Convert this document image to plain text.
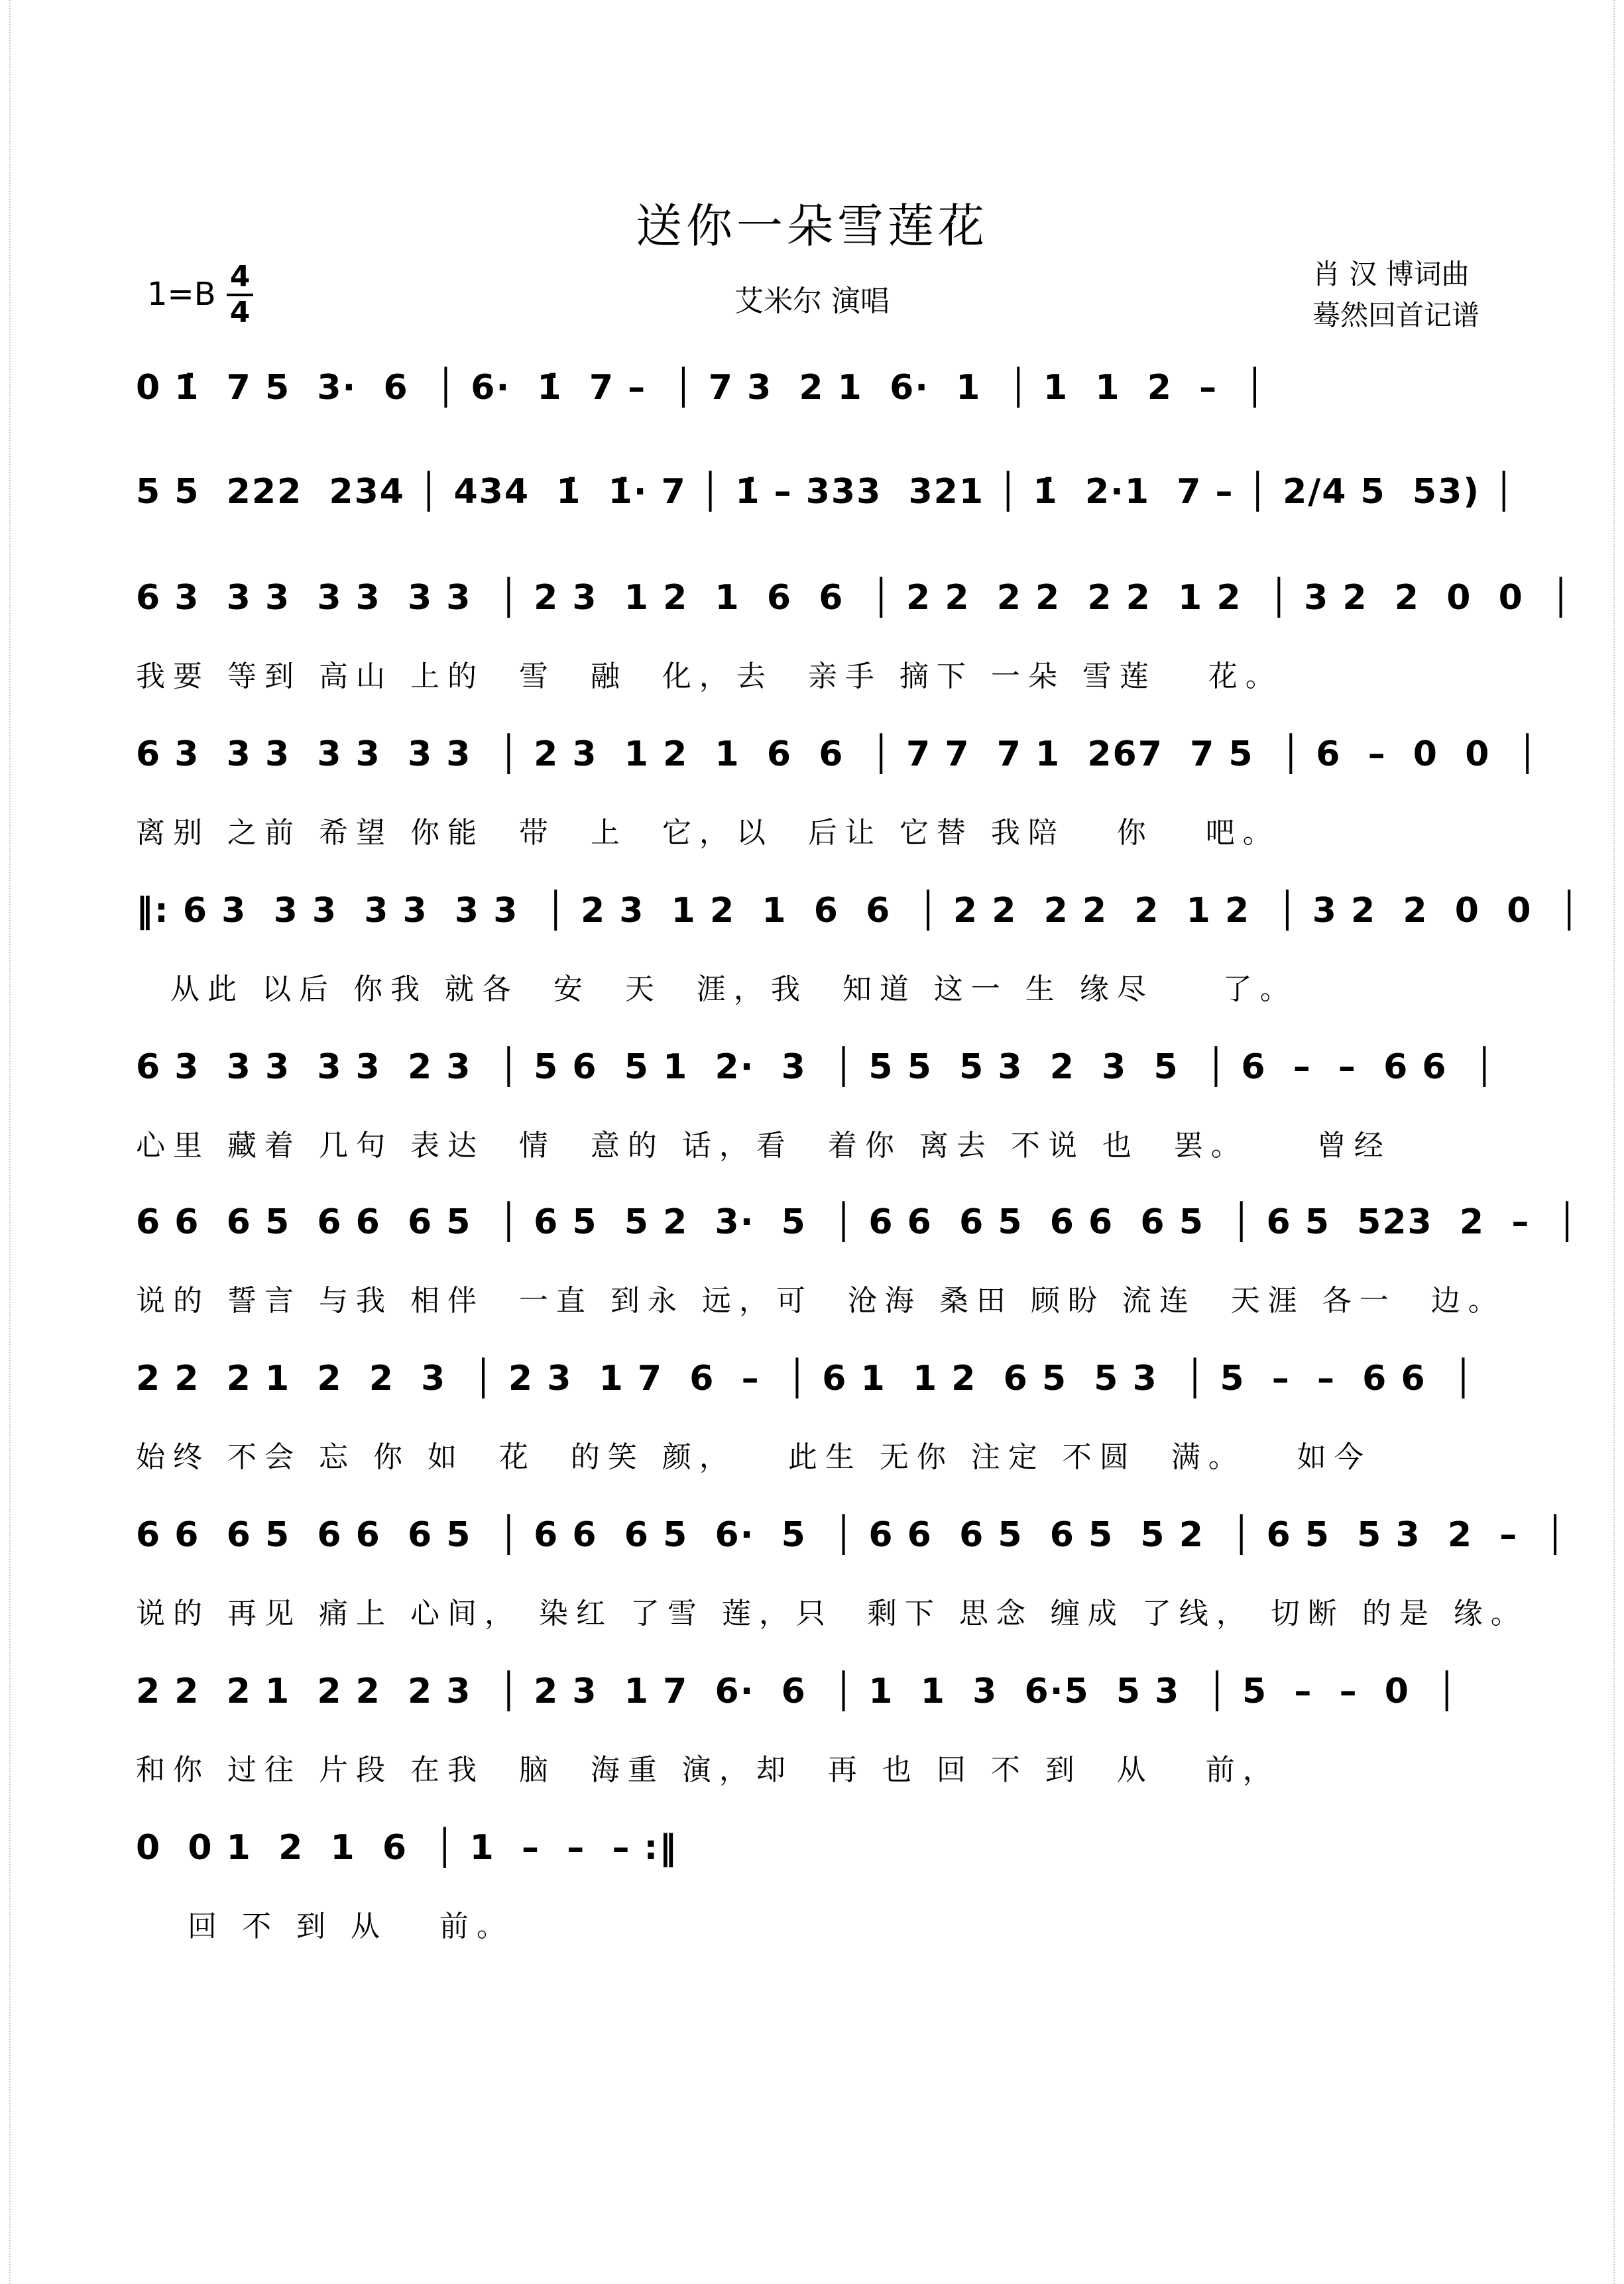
送你一朵雪莲花
艾米尔 演唱
肖 汉 博词曲
蓦然回首记谱
1=B 4
4
0 1̇  7 5  3·  6  │ 6·  1̇  7 –  │ 7 3  2 1  6·  1  │ 1  1  2  –  │
5 5  222  234 │ 434  1̇  1̇· 7 │ 1̇ – 333  321 │ 1̇  2·1  7 – │ 2/4 5  53) │
6 3  3 3  3 3  3 3  │ 2 3  1 2  1  6  6  │ 2 2  2 2  2 2  1 2  │ 3 2  2  0  0  │
我要 等到 高山 上的  雪  融  化，去  亲手 摘下 一朵 雪莲   花。
6 3  3 3  3 3  3 3  │ 2 3  1 2  1  6  6  │ 7 7  7 1  267  7 5  │ 6  –  0  0  │
离别 之前 希望 你能  带  上  它，以  后让 它替 我陪   你   吧。
‖: 6 3  3 3  3 3  3 3  │ 2 3  1 2  1  6  6  │ 2 2  2 2  2  1 2  │ 3 2  2  0  0  │
从此 以后 你我 就各  安  天  涯，我  知道 这一 生 缘尽    了。
6 3  3 3  3 3  2 3  │ 5 6  5 1  2·  3  │ 5 5  5 3  2  3  5  │ 6  –  –  6 6  │
心里 藏着 几句 表达  情  意的 话，看  着你 离去 不说 也  罢。    曾经
6 6  6 5  6 6  6 5  │ 6 5  5 2  3·  5  │ 6 6  6 5  6 6  6 5  │ 6 5  523  2  –  │
说的 誓言 与我 相伴  一直 到永 远，可  沧海 桑田 顾盼 流连  天涯 各一  边。
2 2  2 1  2  2  3  │ 2 3  1 7  6  –  │ 6 1  1 2  6 5  5 3  │ 5  –  –  6 6  │
始终 不会 忘 你 如  花  的笑 颜，   此生 无你 注定 不圆  满。   如今
6 6  6 5  6 6  6 5  │ 6 6  6 5  6·  5  │ 6 6  6 5  6 5  5 2  │ 6 5  5 3  2  –  │
说的 再见 痛上 心间， 染红 了雪 莲，只  剩下 思念 缠成 了线， 切断 的是 缘。
2 2  2 1  2 2  2 3  │ 2 3  1 7  6·  6  │ 1  1  3  6·5  5 3  │ 5  –  –  0  │
和你 过往 片段 在我  脑  海重 演，却  再 也 回 不 到  从   前，
0  0 1  2  1  6  │ 1  –  –  – :‖
回 不 到 从   前。
